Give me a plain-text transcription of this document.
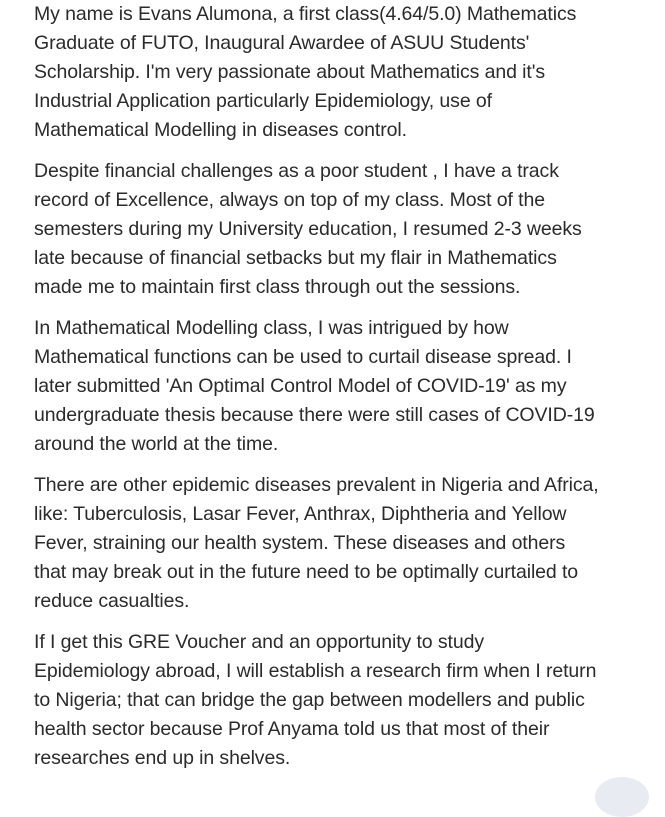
My name is Evans Alumona, a first class(4.64/5.0) Mathematics
Graduate of FUTO, Inaugural Awardee of ASUU Students'
Scholarship. I'm very passionate about Mathematics and it's
Industrial Application particularly Epidemiology, use of
Mathematical Modelling in diseases control.

Despite financial challenges as a poor student , I have a track
record of Excellence, always on top of my class. Most of the
semesters during my University education, I resumed 2-3 weeks
late because of financial setbacks but my flair in Mathematics
made me to maintain first class through out the sessions.

In Mathematical Modelling class, I was intrigued by how
Mathematical functions can be used to curtail disease spread. I
later submitted 'An Optimal Control Model of COVID-19' as my
undergraduate thesis because there were still cases of COVID-19
around the world at the time.

There are other epidemic diseases prevalent in Nigeria and Africa,
like: Tuberculosis, Lasar Fever, Anthrax, Diphtheria and Yellow
Fever, straining our health system. These diseases and others
that may break out in the future need to be optimally curtailed to
reduce casualties.

If I get this GRE Voucher and an opportunity to study
Epidemiology abroad, I will establish a research firm when I return
to Nigeria; that can bridge the gap between modellers and public
health sector because Prof Anyama told us that most of their
researches end up in shelves.
